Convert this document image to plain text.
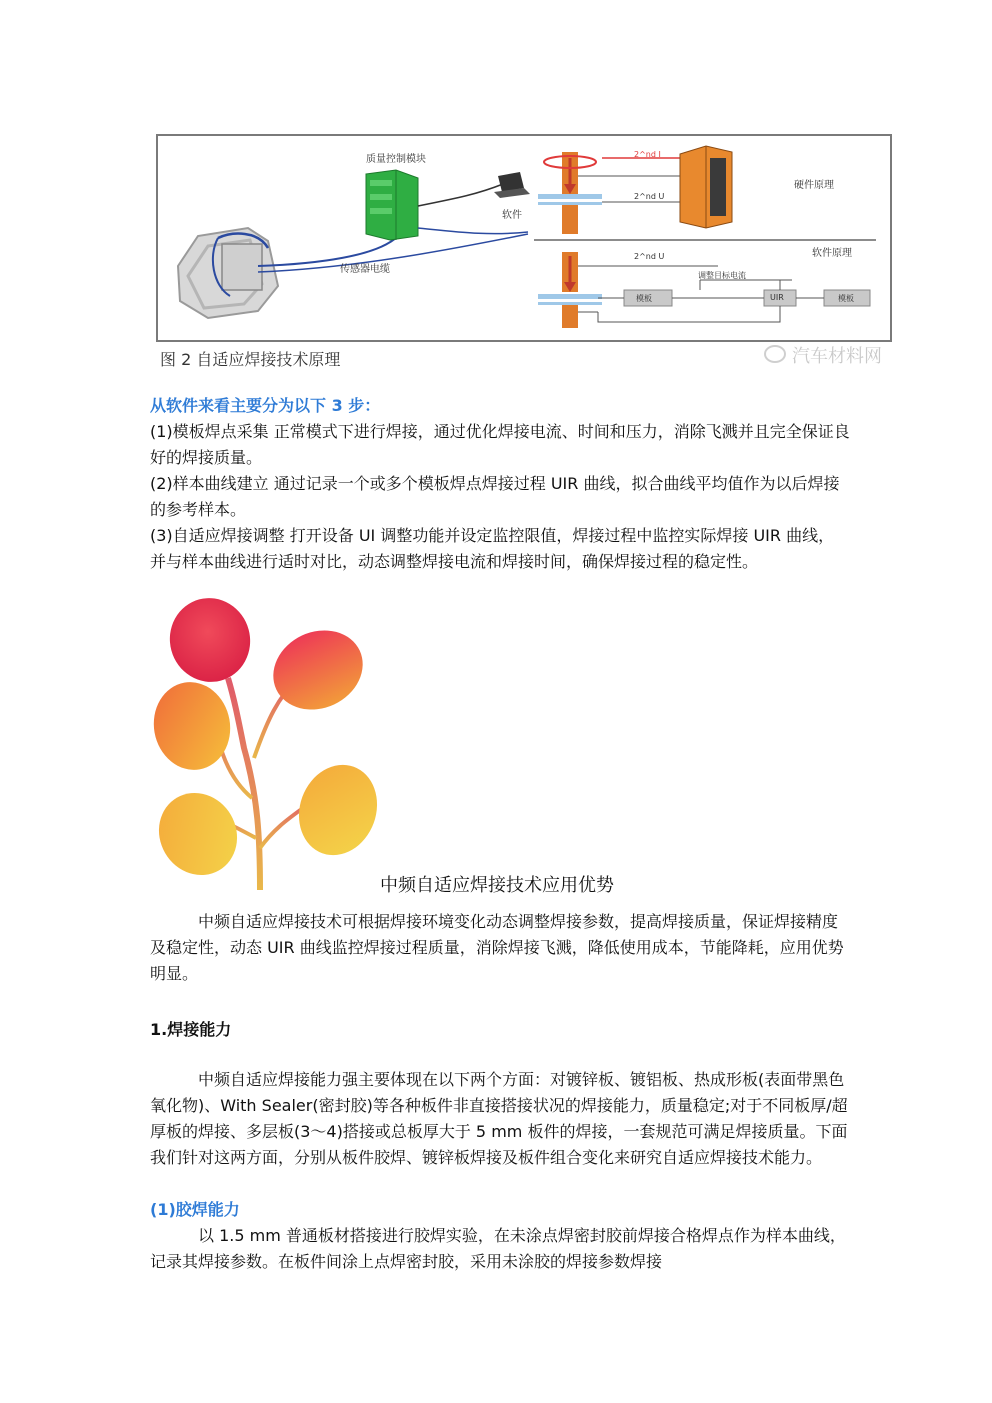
质量控制模块
软件
传感器电缆
硬件原理
软件原理
2^nd I
2^nd U
2^nd U
调整目标电流
模板	UIR	模板
图 2 自适应焊接技术原理	汽车材料网
从软件来看主要分为以下 3 步：
(1)模板焊点采集 正常模式下进行焊接，通过优化焊接电流、时间和压力，消除飞溅并且完全保证良好的焊接质量。
(2)样本曲线建立 通过记录一个或多个模板焊点焊接过程 UIR 曲线，拟合曲线平均值作为以后焊接的参考样本。
(3)自适应焊接调整 打开设备 UI 调整功能并设定监控限值，焊接过程中监控实际焊接 UIR 曲线，并与样本曲线进行适时对比，动态调整焊接电流和焊接时间，确保焊接过程的稳定性。
中频自适应焊接技术应用优势
中频自适应焊接技术可根据焊接环境变化动态调整焊接参数，提高焊接质量，保证焊接精度及稳定性，动态 UIR 曲线监控焊接过程质量，消除焊接飞溅，降低使用成本，节能降耗，应用优势明显。
1.焊接能力
中频自适应焊接能力强主要体现在以下两个方面：对镀锌板、镀铝板、热成形板(表面带黑色氧化物)、With Sealer(密封胶)等各种板件非直接搭接状况的焊接能力，质量稳定;对于不同板厚/超厚板的焊接、多层板(3～4)搭接或总板厚大于 5 mm 板件的焊接，一套规范可满足焊接质量。下面我们针对这两方面，分别从板件胶焊、镀锌板焊接及板件组合变化来研究自适应焊接技术能力。
(1)胶焊能力
以 1.5 mm 普通板材搭接进行胶焊实验，在未涂点焊密封胶前焊接合格焊点作为样本曲线，记录其焊接参数。在板件间涂上点焊密封胶，采用未涂胶的焊接参数焊接
